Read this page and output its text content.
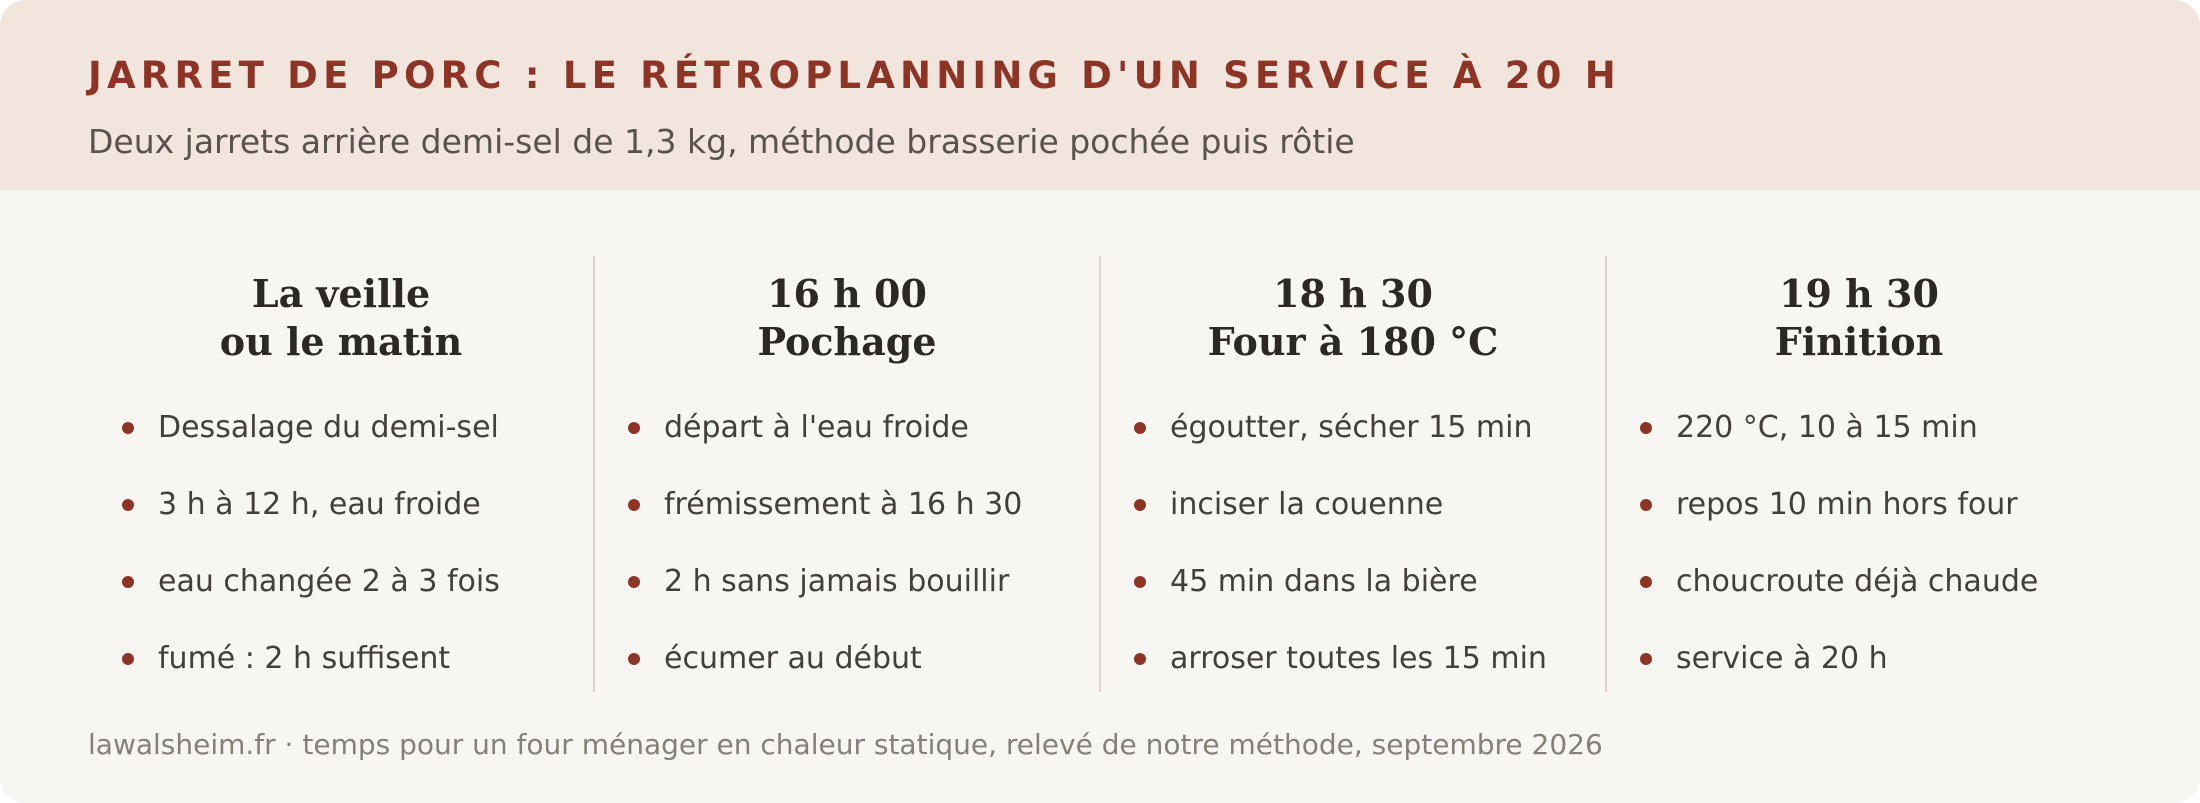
JARRET DE PORC : LE RÉTROPLANNING D'UN SERVICE À 20 H
Deux jarrets arrière demi-sel de 1,3 kg, méthode brasserie pochée puis rôtie
La veille
ou le matin
Dessalage du demi-sel
3 h à 12 h, eau froide
eau changée 2 à 3 fois
fumé : 2 h suffisent
16 h 00
Pochage
départ à l'eau froide
frémissement à 16 h 30
2 h sans jamais bouillir
écumer au début
18 h 30
Four à 180 °C
égoutter, sécher 15 min
inciser la couenne
45 min dans la bière
arroser toutes les 15 min
19 h 30
Finition
220 °C, 10 à 15 min
repos 10 min hors four
choucroute déjà chaude
service à 20 h
lawalsheim.fr · temps pour un four ménager en chaleur statique, relevé de notre méthode, septembre 2026
